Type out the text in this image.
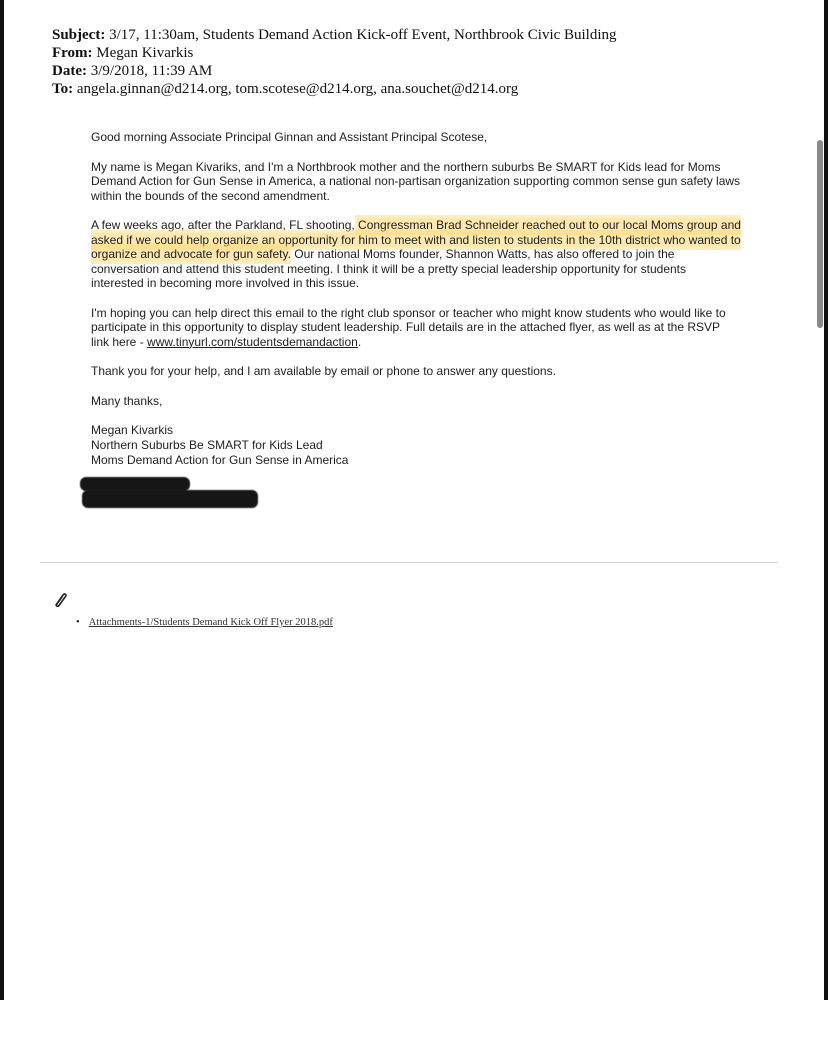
Subject: 3/17, 11:30am, Students Demand Action Kick-off Event, Northbrook Civic Building
From: Megan Kivarkis
Date: 3/9/2018, 11:39 AM
To: angela.ginnan@d214.org, tom.scotese@d214.org, ana.souchet@d214.org

Good morning Associate Principal Ginnan and Assistant Principal Scotese,

My name is Megan Kivariks, and I'm a Northbrook mother and the northern suburbs Be SMART for Kids lead for Moms Demand Action for Gun Sense in America, a national non-partisan organization supporting common sense gun safety laws within the bounds of the second amendment.

A few weeks ago, after the Parkland, FL shooting, Congressman Brad Schneider reached out to our local Moms group and asked if we could help organize an opportunity for him to meet with and listen to students in the 10th district who wanted to organize and advocate for gun safety. Our national Moms founder, Shannon Watts, has also offered to join the conversation and attend this student meeting. I think it will be a pretty special leadership opportunity for students interested in becoming more involved in this issue.

I'm hoping you can help direct this email to the right club sponsor or teacher who might know students who would like to participate in this opportunity to display student leadership. Full details are in the attached flyer, as well as at the RSVP link here - www.tinyurl.com/studentsdemandaction.

Thank you for your help, and I am available by email or phone to answer any questions.

Many thanks,

Megan Kivarkis
Northern Suburbs Be SMART for Kids Lead
Moms Demand Action for Gun Sense in America
• Attachments-1/Students Demand Kick Off Flyer 2018.pdf
